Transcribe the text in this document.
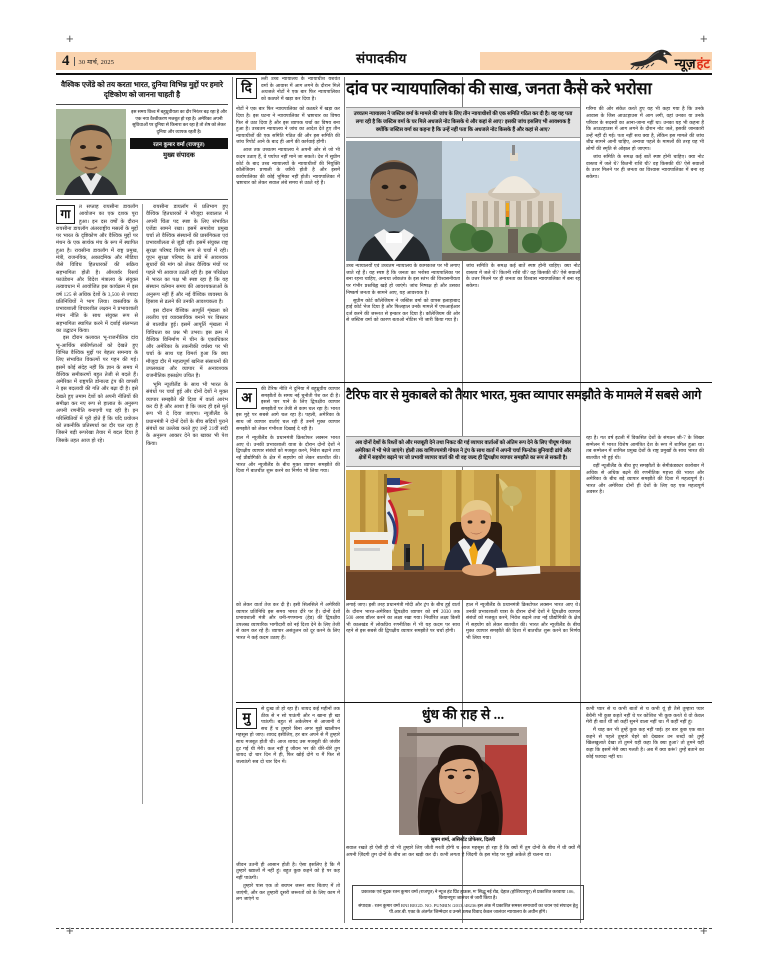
+	+
+	+
4	30 मार्च, 2025	संपादकीय	न्यूज़ हंट
वैश्विक एजेंडे को तय करता भारत, दुनिया विभिन्न मुद्दों पर हमारे दृष्टिकोण को जानना चाहती है
इस समय विश्व में बहुध्रुवीयता का दौर निरंतर बढ़ रहा है और एक नया वैश्वीकरण मजबूत हो रहा है। अमेरिका अपनी सुविधाओं पर दुनिया से किनारा कर रहा है तो शेष को लेकर दुनिया और व्यापक रहती है।
रतन कुमार वर्मा (राजपूत)
मुख्य संपादक
गा	त सप्ताह रायसीना डायलॉग आयोजन का एक दशक पूरा हुआ। इन दस वर्षों के दौरान रायसीना डायलॉग अंतरराष्ट्रीय मसलों के मुद्दों पर भारत के दृष्टिकोण और वैश्विक मुद्दों पर मंथन के एक सार्थक मंच के रूप में स्थापित हुआ है। रायसीना डायलॉग में राष्ट्र प्रमुख, मंत्री, राजनयिक, अकादमिक और मीडिया जैसे विविध हितधारकों की सक्रिय सहभागिता होती है। ऑब्जर्वर रिसर्च फाउंडेशन और विदेश मंत्रालय के संयुक्त तत्वावधान में आयोजित इस कार्यक्रम में इस वर्ष 125 से अधिक देशों के 3,500 से ज्यादा प्रतिनिधियों ने भाग लिया। वास्तविक के प्रभावशाली विचारशील लक्ष्यन ने प्रभावशाली मंचन नीति के साथ संयुक्त रूप से सहभागिता स्थापित करने में दर्शाई संलग्नता का उद्घाटन किया।

इस दौरान कलावत भू-राजनीतिक दांव भू-आर्थिक संकीर्णताओं को देखते हुए विभिन्न वैश्विक मुद्दों पर बेहतर समन्वय के लिए संभावित विकल्पों पर गहन की गई। इसमें कोई संदेह नहीं कि ज्ञान के समय में वैश्विक समीकरणों बहुत तेजी से बदले हैं। अमेरिका में राष्ट्रपति डोनाल्ड ट्रंप की वापसी ने इस बदलावी की गति और बढ़ा दी है। इसे देखते हुए तमाम देशों को अपनी नीतियों की समीक्षा कर नए रूप से हालात के अनुरूप अपनी रणनीति बनाएगी पड़ रही है। इन परिस्थितियों में पूरी होते हैं कि यदि प्रयोजन को तकनीकि प्रतिस्पर्धा का दौर चल रहा है जिसने बड़ी रूपरेखा तैयार में बदल दिया है जिसके तहत आज हो रहे।

रायसीना डायलॉग में प्रतिभाग हुए वैश्विक हितधारकों ने मौजूदा सवालात में अपनी चिंता पद स्पष्ट के लिए संभावित एजेंडा सामने रखा। इसमें समावेश प्रमुख चर्चा तो वैश्विक संस्थानों की प्रासंगिकता एवं प्रभावशीलता से जुड़ी रही। इसमें संयुक्त राष्ट्र सुरक्षा परिषद विशेष रूप से चर्चा में रही। यूएन सुरक्षा परिषद के ढांचे में आवश्यक सुधारों की मांग को लेकर वैश्विक मंचों पर पहले भी आवाज उठती रही है। इस परिप्रेक्ष्य में भारत का पक्ष भी स्पष्ट रहा है कि यह संस्थान वर्तमान समय की आवश्यकताओं के अनुरूप नहीं हैं और नई वैश्विक व्यवस्था के हिसाब से ढलने की उनकी आवश्यकता है।

इस दौरान वैश्विक आपूर्ति शृंखला को तरलीय एवं व्यावसायिक बनाने पर विस्तार से बातचीत हुई। इसमें आपूर्ति शृंखला में विविधता का प्रश्न भी उभरा। इस क्रम में वैश्विक विनिर्माण में चीन के एकाधिकार और अमेरिका के तकनीकी वर्चस्व पर भी चर्चा के साथ यह विमर्श हुआ कि क्या मौजूदा दौर में महत्वपूर्ण खनिज संसाधनों की उपलब्धता और व्यापार में अनावश्यक राजनीतिक हस्तक्षेप उचित है।

भूमि न्यूजीलैंड के साथ भी भारत के संबंधों पर चर्चा हुई और दोनों देशों ने मुक्त व्यापार समझौते की दिशा में वार्ता आरंभ कर दी है और आशा है कि जल्द ही इसे मूर्त रूप भी दे दिया जाएगा। न्यूजीलैंड के प्रधानमंत्री ने दोनों देशों के बीच सदियों पुराने संबंधों का उल्लेख करते हुए उन्हें 21वीं सदी के अनुरूप आकार देने का खाका भी पेश किया।

दि
ल्ली उच्च न्यायालय के न्यायाधीश यशवंत वर्मा के आवास में आग लगने के दौरान मिले अधजले नोटों ने एक बार फिर न्यायपालिका को कठघरे में खड़ा कर दिया है।
दांव पर न्यायपालिका की साख, जनता कैसे करे भरोसा

नोटों ने एक बार फिर न्यायपालिका को कठघरे में खड़ा कर दिया है। इस घटना ने न्यायपालिका में भ्रष्टाचार का विषय फिर से उठा दिया है और इस व्यापक चर्चा का विषय बना हुआ है। उच्चतम न्यायालय ने जांच का आदेश देते हुए तीन न्यायाधीशों की एक समिति गठित की और इस समिति की जांच रिपोर्ट आने के बाद ही आगे की कार्रवाई होगी।

आज तक उच्चतम न्यायालय ने अपनी ओर से जो भी कदम उठाए हैं, वे पर्याप्त नहीं माने जा सकते। देश में सुप्रीम कोर्ट के बाद उच्च न्यायालयों के न्यायाधीशों की नियुक्ति कॉलेजियम प्रणाली के जरिये होती है और इसमें कार्यपालिका की कोई भूमिका नहीं होती। न्यायपालिका में भ्रष्टाचार को लेकर सवाल लंबे समय से उठते रहे हैं।

उच्चतम न्यायालय ने जस्टिस वर्मा के मामले की जांच के लिए तीन न्यायाधीशों की एक समिति गठित कर दी है। वह यह पता लगा रही है कि जस्टिस वर्मा के घर मिले अधजले नोट किसके थे और कहां से आए? इसकी जांच इसलिए भी आवश्यक है क्योंकि जस्टिस वर्मा का कहना है कि उन्हें नहीं पता कि अधजले नोट किसके हैं और कहां से आए?

गरिमा की ओर संकेत करते हुए यह भी कहा गया है कि उनके आवास के जिस आउटहाउस में आग लगी, वहां उनका या उनके परिवार के सदस्यों का आना-जाना नहीं था। उनका यह भी कहना है कि आउटहाउस में आग लगने के दौरान नोट जले, इसकी जानकारी उन्हें नहीं दी गई। पता नहीं सच क्या है, लेकिन इस मामले की जांच शीघ्र सामने आनी चाहिए, अन्यथा पहले के मामलों की तरह यह भी लोगों की स्मृति से ओझल हो जाएगा।

जांच समिति के समक्ष कई बातें स्पष्ट होनी चाहिए। क्या नोट वास्तव में जले थे? कितनी राशि थी? वह किसकी थी? ऐसे सवालों के उत्तर मिलने पर ही जनता का विश्वास न्यायपालिका में बना रह सकेगा।

उच्च न्यायालयों एवं उच्चतम न्यायालय के कामकाज पर भी लगाए जाते रहे हैं। यह स्पष्ट है कि जनता का भरोसा न्यायपालिका पर बना रहना चाहिए, अन्यथा लोकतंत्र के इस स्तंभ की विश्वसनीयता पर गंभीर प्रश्नचिह्न खड़े हो जाएंगे। जांच निष्पक्ष हो और उसका निष्कर्ष जनता के सामने आए, यह आवश्यक है।

सुप्रीम कोर्ट कॉलेजियम ने जस्टिस वर्मा को वापस इलाहाबाद हाई कोर्ट भेज दिया है और फिलहाल उनके मामले में एफआईआर दर्ज करने की जरूरत से इन्कार कर दिया है। कॉलेजियम की ओर से जस्टिस वर्मा को कारण बताओ नोटिस भी जारी किया गया है।

जांच समिति के समक्ष कई बातें स्पष्ट होनी चाहिए। क्या नोट वास्तव में जले थे? कितनी राशि थी? वह किसकी थी? ऐसे सवालों के उत्तर मिलने पर ही जनता का विश्वास न्यायपालिका में बना रह सकेगा।

अ
की टैरिफ नीति ने दुनिया में बहुध्रुवीय व्यापार समझौतों के समय नई चुनौती पेश कर दी है। इससे पार पाने के लिए द्विपक्षीय व्यापार समझौतों पर तेजी से काम चल रहा है। भारत इस मुद्दे पर सबसे आगे चल रहा है। पहली, अमेरिका के साथ जो व्यापार वार्ताएं चल रही हैं उनमें मुक्त व्यापार समझौते को लेकर गंभीरता दिखाई दे रही है।
टैरिफ वार से मुकाबले को तैयार भारत, मुक्त व्यापार समझौते के मामले में सबसे आगे

हाल में न्यूजीलैंड के प्रधानमंत्री क्रिस्टोफर लक्सन भारत आए थे। उनकी प्रभावशाली यात्रा के दौरान दोनों देशों ने द्विपक्षीय व्यापार संबंधों को मजबूत करने, निवेश बढ़ाने तथा नई प्रौद्योगिकी के क्षेत्र में सहयोग को लेकर बातचीत की। भारत और न्यूजीलैंड के बीच मुक्त व्यापार समझौते की दिशा में बातचीत शुरू करने का निर्णय भी लिया गया।

अब दोनों देशों के रिश्तों को और मजबूती देने तथा निकट की गई व्यापार वार्ताओं को अंतिम रूप देने के लिए पीयूष गोयल अमेरिका में भी भेजे जाएंगे। होली तक वाणिज्यमंत्री गोयल ने ट्रंप के साथ वार्ता में अपनी चर्चा फिनटेक बुनियादी ढांचे और क्षेत्रों में सहयोग बढ़ाने पर जो प्रभावी व्यापार वार्ता की थी वह जल्द ही द्विपक्षीय व्यापार समझौते का रूप ले सकती है।

रहा है। गत वर्ष इटली में विकसित देशों के संगठन जी-7 के शिखर सम्मेलन में भारत विशेष आमंत्रित देश के रूप में शामिल हुआ था। तब सम्मेलन में शामिल प्रमुख देशों के राष्ट्र प्रमुखों के साथ भारत की बातचीत भी हुई थी।

वहीं न्यूजीलैंड के बीच हुए समझौतों के सेमीकंडक्टर कारोबार में अधिक से अधिक बढ़ने की रणनीतिक महत्त्व की भारत और अमेरिका के बीच बड़े व्यापार समझौते की दिशा में महत्वपूर्ण है। भारत और अमेरिका दोनों ही देशों के लिए यह एक महत्वपूर्ण अवसर है।

को लेकर वार्ता तेज कर दी है। इसी सिलसिले में अमेरिकी व्यापार प्रतिनिधि इस समय भारत दौरे पर हैं। दोनों देशों प्रभावशाली मंत्री और धनी-गणमान्य (हेड) की द्विपक्षीय उपलब्ध व्यापारिक भागीदारी को नई दिशा देने के लिए तेजी से काम कर रहे हैं। व्यापार असंतुलन को दूर करने के लिए भारत ने कई कदम उठाए हैं।

लगाई जाए। इसी तरह प्रधानमंत्री मोदी और ट्रंप के बीच हुई वार्ता के दौरान भारत-अमेरिका द्विपक्षीय व्यापार को वर्ष 2030 तक 500 अरब डॉलर करने का लक्ष्य रखा गया। निर्धारित लक्ष्य किसी भी कालखंड में लोकप्रिय रणनीतिक में भी यह कदम पर साथ रहने से इस सबसे की द्विपक्षीय व्यापार समझौते पर चर्चा होगी।

हाल में न्यूजीलैंड के प्रधानमंत्री क्रिस्टोफर लक्सन भारत आए थे। उनकी प्रभावशाली यात्रा के दौरान दोनों देशों ने द्विपक्षीय व्यापार संबंधों को मजबूत करने, निवेश बढ़ाने तथा नई प्रौद्योगिकी के क्षेत्र में सहयोग को लेकर बातचीत की। भारत और न्यूजीलैंड के बीच मुक्त व्यापार समझौते की दिशा में बातचीत शुरू करने का निर्णय भी लिया गया।

मु
से दुःख तो हो रहा हैं। शायद कई महीनों तक ठीक से न सो पाऊंगी और न खाना ही खा पाऊंगी। बहुत से अकेलेपन से आजानी ये सच हैं च तुम्हारे बिना अगर मुझे खालीपन महसूस हो जाए। शायद इसीलिए, हर बार अपने से मैं तुम्हारे साथ मजबूत होती थी। आज शायद उस मजबूती की जंजीर टूट गई थी मेरी। कल नहीं हूं जीवन भर की धीरे-धीरे तुम शायद दो चार दिन में ही, फिर खोई दोगे च मैं फिर से जलाऊंगे सब दो चार दिन में।
धुंध की राह से ...
सुमन शर्मा, असिस्टेंट प्रोफेसर, दिल्ली

सवाल रखते हो ऐसी ही यो भी तुम्हारे लिए जीती मरती होगी च आज महसूस हो रहा है कि क्यों मैं तुम दोनों के बीच में थी क्यों मैं अपनी ज़िंदगी तुम दोनों के बीच ला कर खड़ी कर दी। कभी लगता है जिंदगी के इस मोड़ पर मुझे अकेले ही चलना था।

कभी प्यार से च कभी बातों से च कभी यूं ही तैसे तुम्हारा प्यार बेचैनी भी कुछ कहते नहीं थे पर कोशिश भी कुछ करते थे वो केवल मेरी ही बातें थीं जो कहीं सुनने वाला नहीं था। मैं कहीं नहीं हूं।

मैं चाह कर भी तुम्हें कुछ कह नहीं पाई। हर बार कुछ एक बात कहने से पहले तुम्हारे चेहरे को देखकर उन शब्दों को तुम्हें खिलखुलाते देखा तो तुमने यही कहा कि क्या हुआ? तो तुमने यही कहा कि इसमें मेरी क्या गलती है। अब मैं क्या करूं? तुम्हें बताने का कोई फायदा नहीं था।

जीवन उतनी ही आसान होती है। ऐसा इसलिए है कि मैं तुम्हारे ख्यालों में नहीं हूं। बहुत कुछ कहने को है पर कह नहीं पाऊंगी।

तुम्हारे पास एक तो बचपन जरूर साथ बिताए में तो जाएंगी, और कर तुम्हारी दूसरी जरूरतों को के लिए काम में लग जाएंगे च

प्रकाशक एवं मुद्रक रतन कुमार वर्मा (राजपूत) ने न्यूज हंट प्रिंट हाऊस, म' सिद्धू नई रोड, देहात (होशियारपुर) से प्रकाशित करवाया 106, कियानपुरा जालंधर से जारी किया है।
संपादक : रतन कुमार वर्मा RNI REGD. NO. PUNBIN /2013 /48236 इस अंक में प्रकाशित समस्त समाचारों का चयन एवं संपादन हेतु पी.आर.बी. एक्ट के अंतर्गत जिम्मेदार व उनसे उत्पन्न विवाद केवल जालंधर न्यायालय के अधीन होंगे।
